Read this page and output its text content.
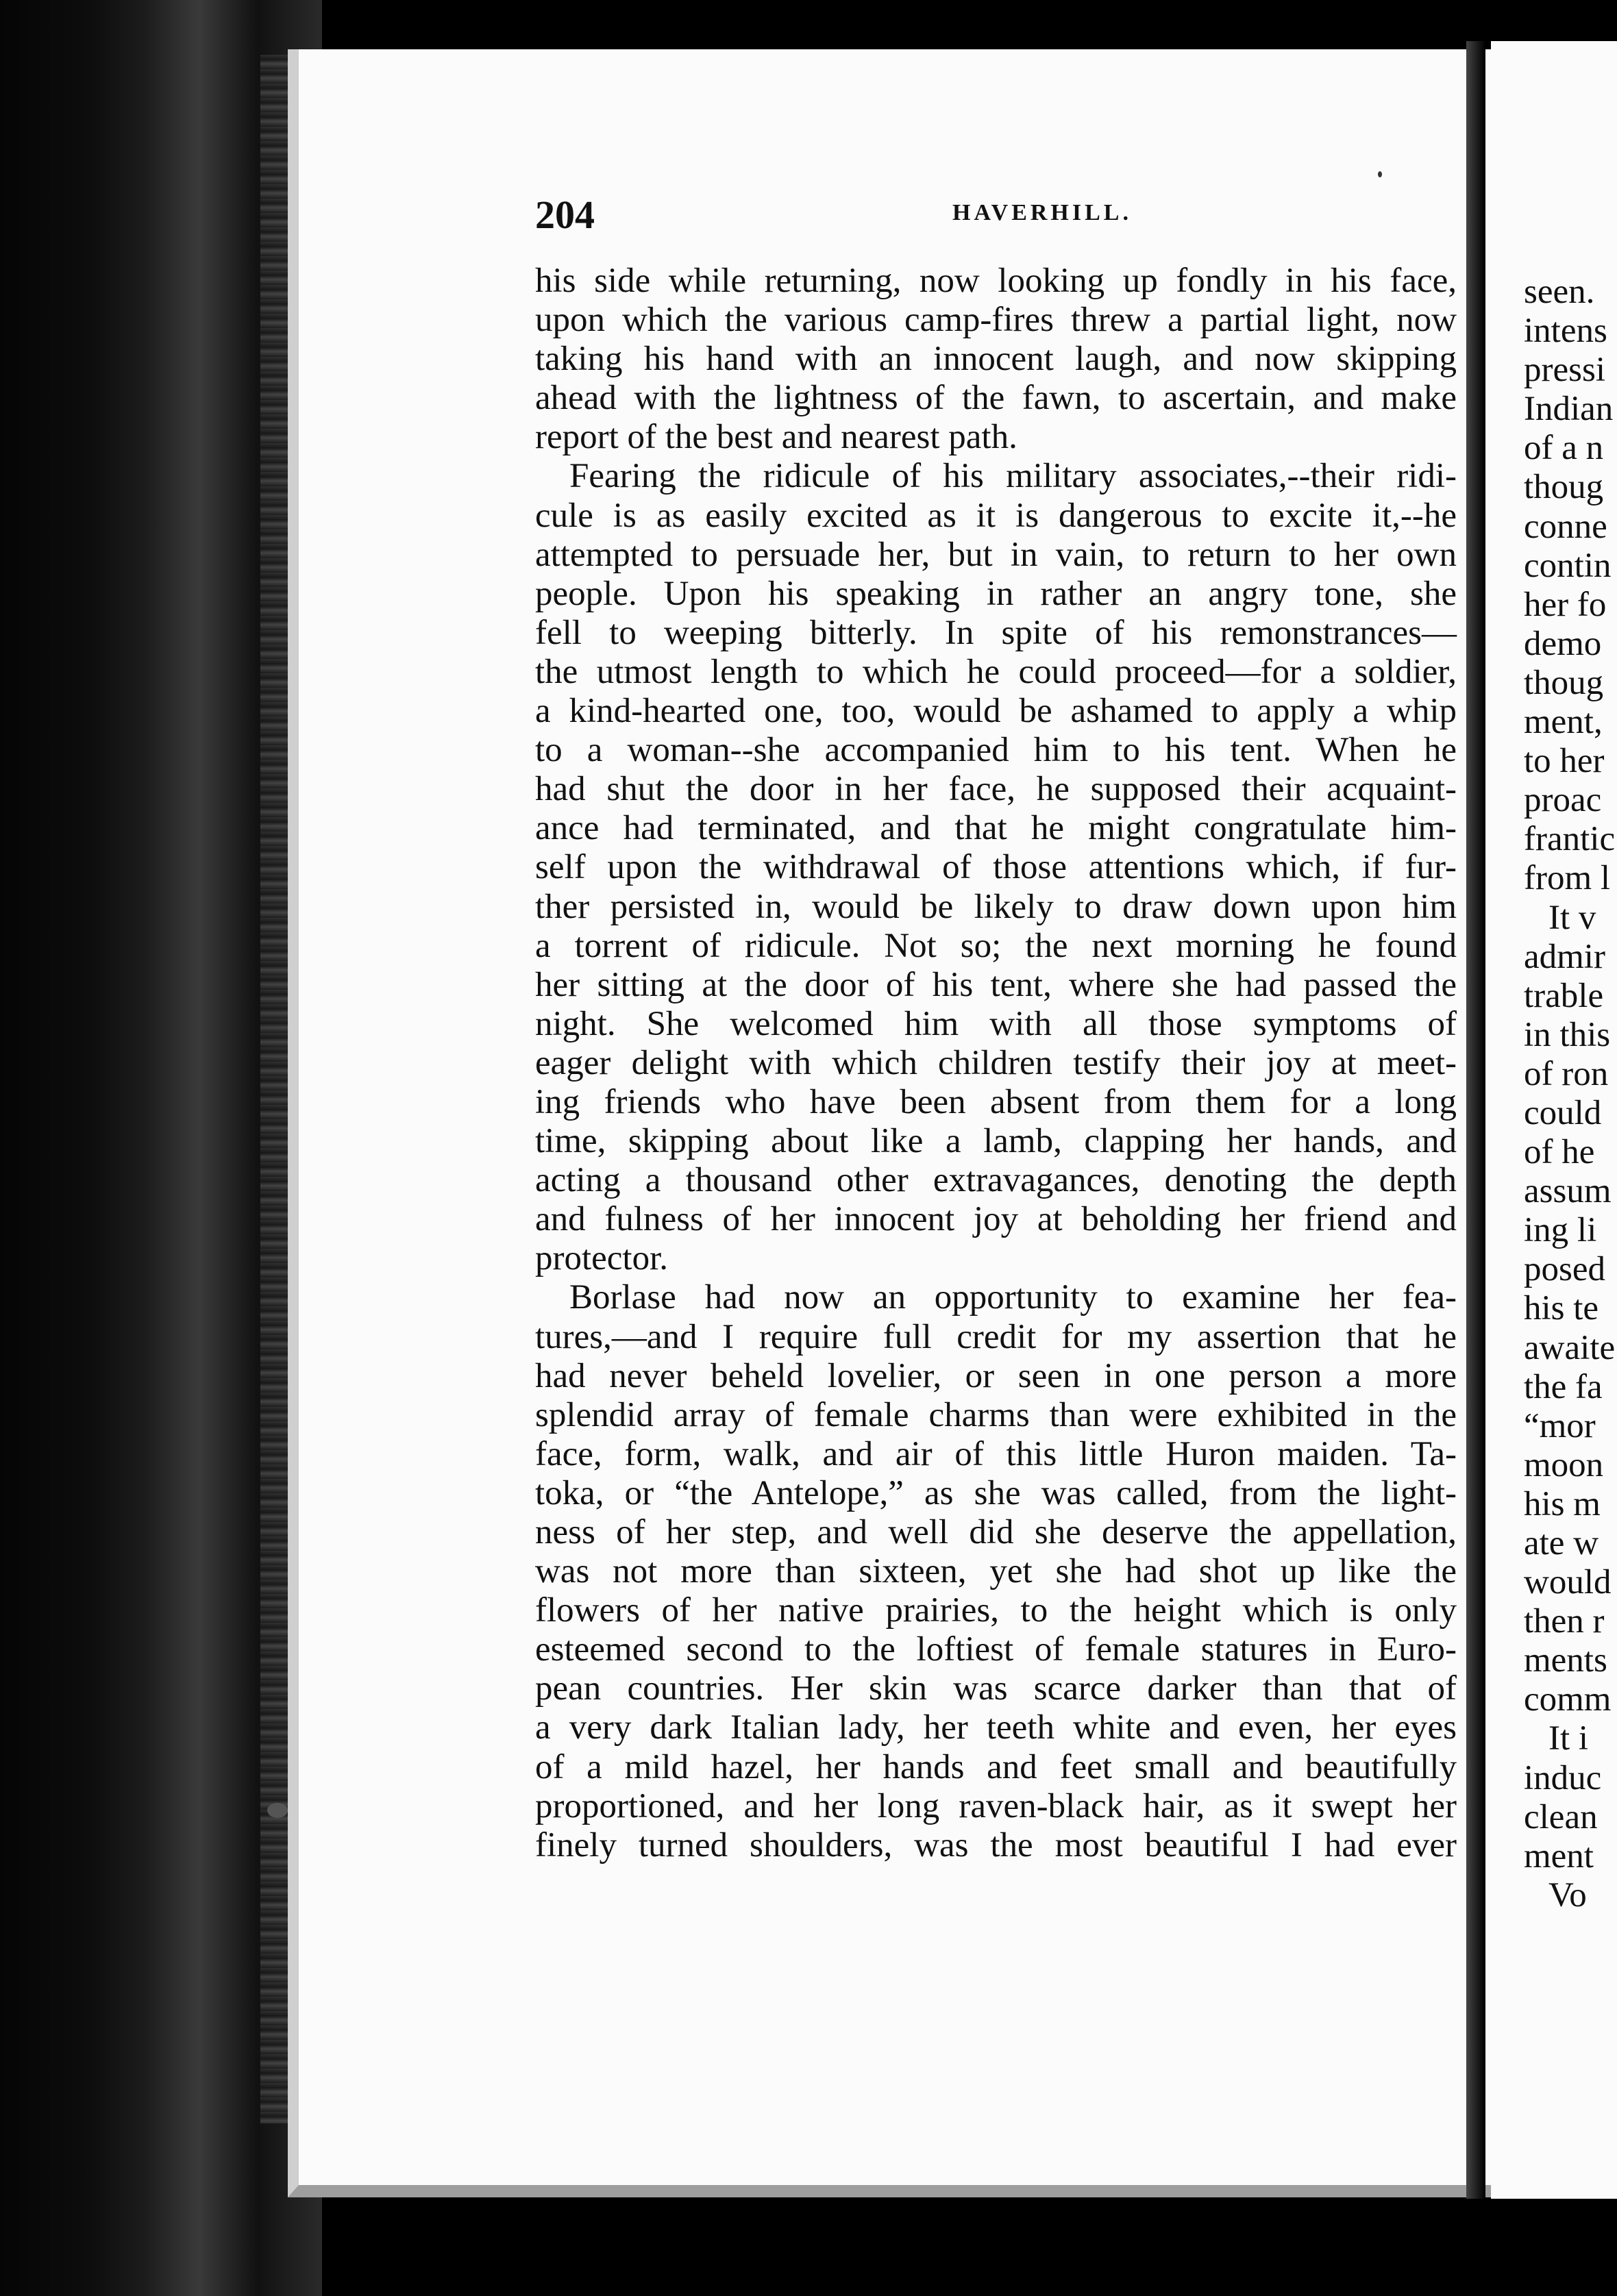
204	HAVERHILL.
his side while returning, now looking up fondly in his face,
upon which the various camp-fires threw a partial light, now
taking his hand with an innocent laugh, and now skipping
ahead with the lightness of the fawn, to ascertain, and make
report of the best and nearest path.
Fearing the ridicule of his military associates,--their ridi-
cule is as easily excited as it is dangerous to excite it,--he
attempted to persuade her, but in vain, to return to her own
people. Upon his speaking in rather an angry tone, she
fell to weeping bitterly. In spite of his remonstrances—
the utmost length to which he could proceed—for a soldier,
a kind-hearted one, too, would be ashamed to apply a whip
to a woman--she accompanied him to his tent. When he
had shut the door in her face, he supposed their acquaint-
ance had terminated, and that he might congratulate him-
self upon the withdrawal of those attentions which, if fur-
ther persisted in, would be likely to draw down upon him
a torrent of ridicule. Not so; the next morning he found
her sitting at the door of his tent, where she had passed the
night. She welcomed him with all those symptoms of
eager delight with which children testify their joy at meet-
ing friends who have been absent from them for a long
time, skipping about like a lamb, clapping her hands, and
acting a thousand other extravagances, denoting the depth
and fulness of her innocent joy at beholding her friend and
protector.
Borlase had now an opportunity to examine her fea-
tures,—and I require full credit for my assertion that he
had never beheld lovelier, or seen in one person a more
splendid array of female charms than were exhibited in the
face, form, walk, and air of this little Huron maiden. Ta-
toka, or “the Antelope,” as she was called, from the light-
ness of her step, and well did she deserve the appellation,
was not more than sixteen, yet she had shot up like the
flowers of her native prairies, to the height which is only
esteemed second to the loftiest of female statures in Euro-
pean countries. Her skin was scarce darker than that of
a very dark Italian lady, her teeth white and even, her eyes
of a mild hazel, her hands and feet small and beautifully
proportioned, and her long raven-black hair, as it swept her
finely turned shoulders, was the most beautiful I had ever
seen.
intens
pressi
Indian
of a n
thoug
conne
contin
her fo
demo
thoug
ment,
to her
proac
frantic
from l
It v
admir
trable
in this
of ron
could
of he
assum
ing li
posed
his te
awaite
the fa
“mor
moon
his m
ate w
would
then r
ments
comm
It i
induc
clean
ment
Vo
